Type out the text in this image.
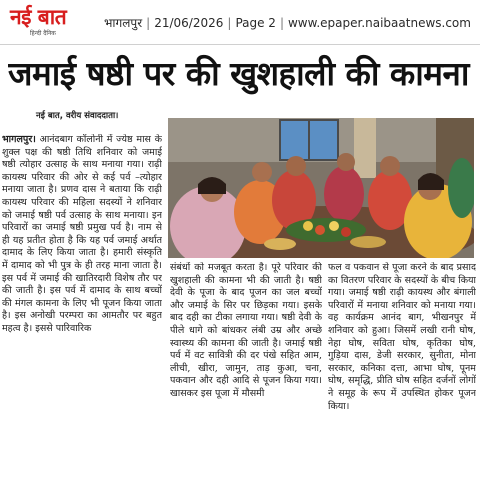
नई बात
हिन्दी दैनिक
भागलपुर | 21/06/2026 | Page 2 | www.epaper.naibaatnews.com
जमाई षष्ठी पर की खुशहाली की कामना
नई बात, वरीय संवाददाता।

भागलपुर। आनंदबाग कॉलोनी में ज्येष्ठ मास के शुक्ल पक्ष की षष्ठी तिथि शनिवार को जमाई षष्ठी त्योहार उत्साह के साथ मनाया गया। राढ़ी कायस्थ परिवार की ओर से कई पर्व –त्योहार मनाया जाता है। प्रणव दास ने बताया कि राढ़ी कायस्थ परिवार की महिला सदस्यों ने शनिवार को जमाई षष्ठी पर्व उत्साह के साथ मनाया। इन परिवारों का जमाई षष्ठी प्रमुख पर्व है। नाम से ही यह प्रतीत होता है कि यह पर्व जमाई अर्थात दामाद के लिए किया जाता है। हमारी संस्कृति में दामाद को भी पुत्र के ही तरह माना जाता है। इस पर्व में जमाई की खातिरदारी विशेष तौर पर की जाती है। इस पर्व में दामाद के साथ बच्चों की मंगल कामना के लिए भी पूजन किया जाता है। इस अनोखी परम्परा का आमतौर पर बहुत महत्व है। इससे पारिवारिक

संबंधों को मजबूत करता है। पूरे परिवार की खुशहाली की कामना भी की जाती है। षष्ठी देवी के पूजा के बाद पूजन का जल बच्चों और जमाई के सिर पर छिड़का गया। इसके बाद दही का टीका लगाया गया। षष्ठी देवी के पीले धागे को बांधकर लंबी उम्र और अच्छे स्वास्थ्य की कामना की जाती है। जमाई षष्ठी पर्व में वट सावित्री की दर पंखे सहित आम, लीची, खीरा, जामुन, ताड़ कुआ, चना, पकवान और दही आदि से पूजन किया गया। खासकर इस पूजा में मौसमी

फल व पकवान से पूजा करने के बाद प्रसाद का वितरण परिवार के सदस्यों के बीच किया गया। जमाई षष्ठी राढ़ी कायस्थ और बंगाली परिवारों में मनाया शनिवार को मनाया गया। वह कार्यक्रम आनंद बाग, भीखनपुर में शनिवार को हुआ। जिसमें लखी रानी घोष, नेहा घोष, सविता घोष, कृतिका घोष, गुड़िया दास, डेजी सरकार, सुनीता, मोना सरकार, कनिका दत्ता, आभा घोष, पूनम घोष, समृद्धि, प्रीति घोष सहित दर्जनों लोगों ने समूह के रूप में उपस्थित होकर पूजन किया।
